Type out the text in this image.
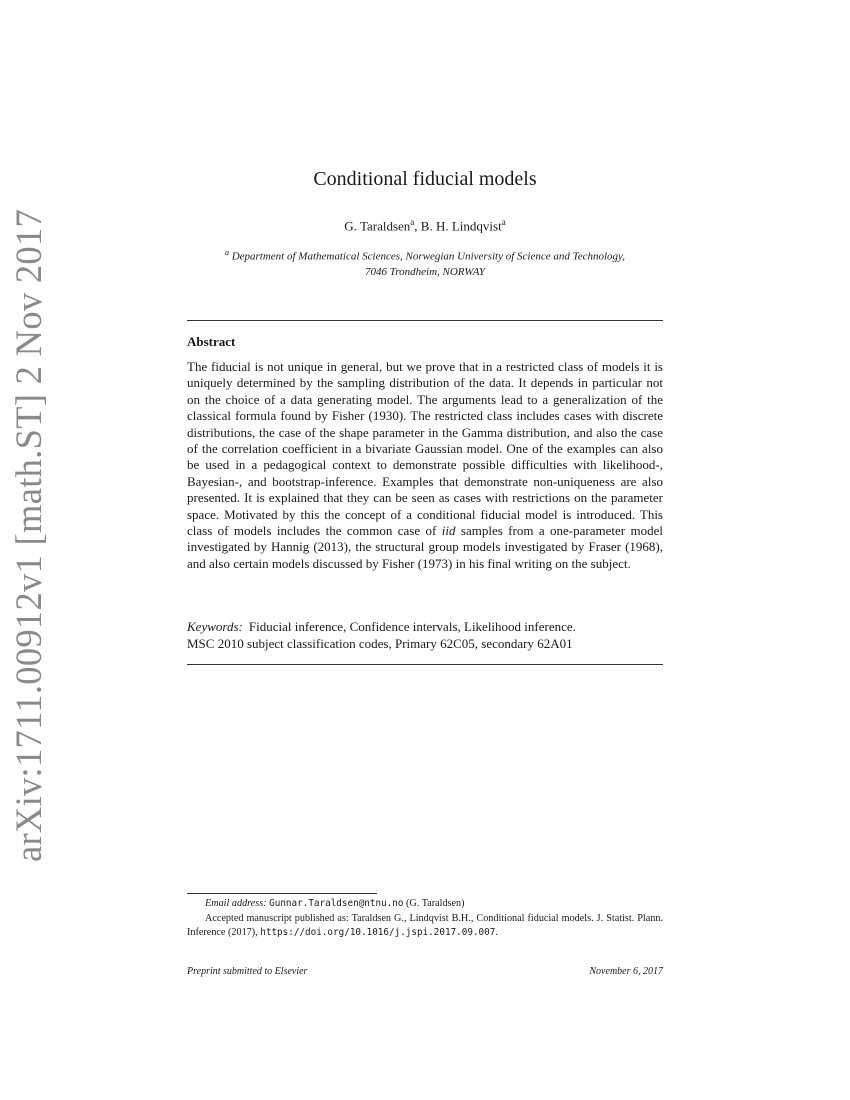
arXiv:1711.00912v1 [math.ST] 2 Nov 2017
Conditional fiducial models
G. Taraldsen$^a$, B. H. Lindqvist$^a$
$^a$ Department of Mathematical Sciences, Norwegian University of Science and Technology,
7046 Trondheim, NORWAY
Abstract

The fiducial is not unique in general, but we prove that in a restricted class of models it is uniquely determined by the sampling distribution of the data. It depends in particular not on the choice of a data generating model. The arguments lead to a generalization of the classical formula found by Fisher (1930). The restricted class includes cases with discrete distributions, the case of the shape parameter in the Gamma distribution, and also the case of the correlation coefficient in a bivariate Gaussian model. One of the examples can also be used in a pedagogical context to demonstrate possible difficulties with likelihood-, Bayesian-, and bootstrap-inference. Examples that demonstrate non-uniqueness are also presented. It is explained that they can be seen as cases with restrictions on the parameter space. Motivated by this the concept of a conditional fiducial model is introduced. This class of models includes the common case of iid samples from a one-parameter model investigated by Hannig (2013), the structural group models investigated by Fraser (1968), and also certain models discussed by Fisher (1973) in his final writing on the subject.

Keywords: Fiducial inference, Confidence intervals, Likelihood inference.
MSC 2010 subject classification codes, Primary 62C05, secondary 62A01
Email address: Gunnar.Taraldsen@ntnu.no (G. Taraldsen)
Accepted manuscript published as: Taraldsen G., Lindqvist B.H., Conditional fiducial models. J. Statist. Plann. Inference (2017), https://doi.org/10.1016/j.jspi.2017.09.007.
Preprint submitted to Elsevier	November 6, 2017
